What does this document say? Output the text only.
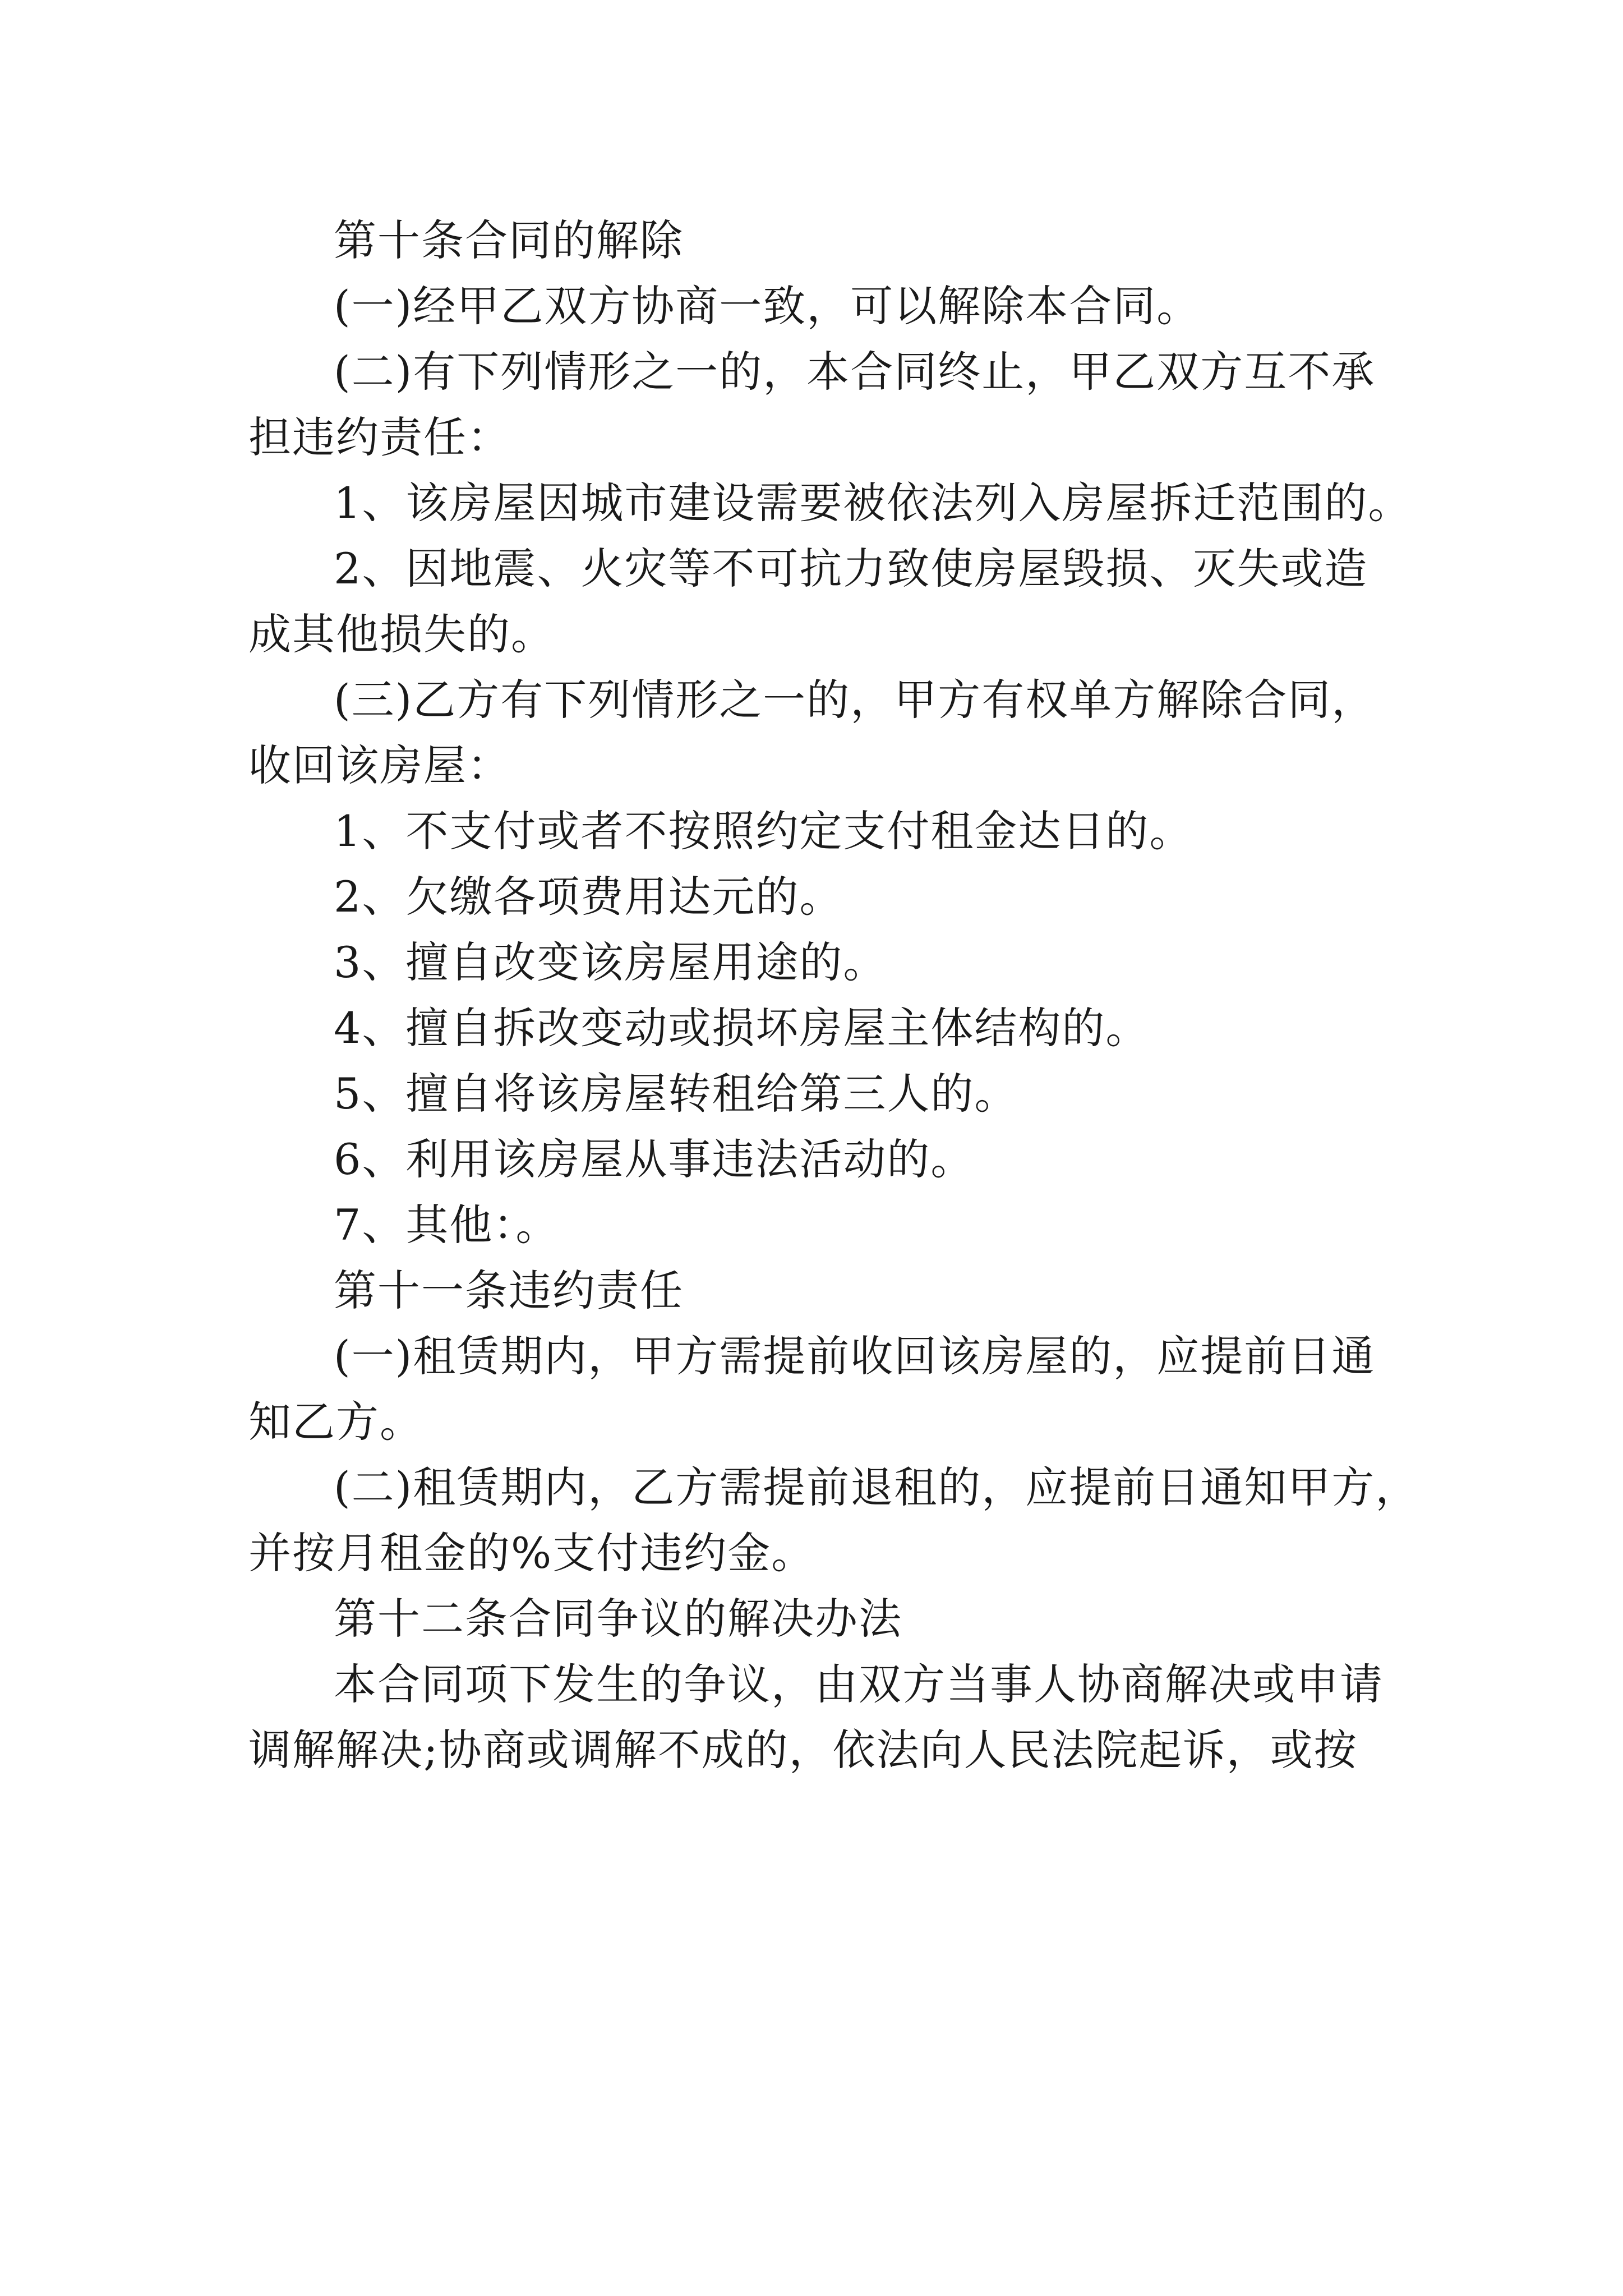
第十条合同的解除
(一)经甲乙双方协商一致，可以解除本合同。
(二)有下列情形之一的，本合同终止，甲乙双方互不承
担违约责任：
1、该房屋因城市建设需要被依法列入房屋拆迁范围的。
2、因地震、火灾等不可抗力致使房屋毁损、灭失或造
成其他损失的。
(三)乙方有下列情形之一的，甲方有权单方解除合同，
收回该房屋：
1、不支付或者不按照约定支付租金达日的。
2、欠缴各项费用达元的。
3、擅自改变该房屋用途的。
4、擅自拆改变动或损坏房屋主体结构的。
5、擅自将该房屋转租给第三人的。
6、利用该房屋从事违法活动的。
7、其他：。
第十一条违约责任
(一)租赁期内，甲方需提前收回该房屋的，应提前日通
知乙方。
(二)租赁期内，乙方需提前退租的，应提前日通知甲方，
并按月租金的%支付违约金。
第十二条合同争议的解决办法
本合同项下发生的争议，由双方当事人协商解决或申请
调解解决;协商或调解不成的，依法向人民法院起诉，或按
